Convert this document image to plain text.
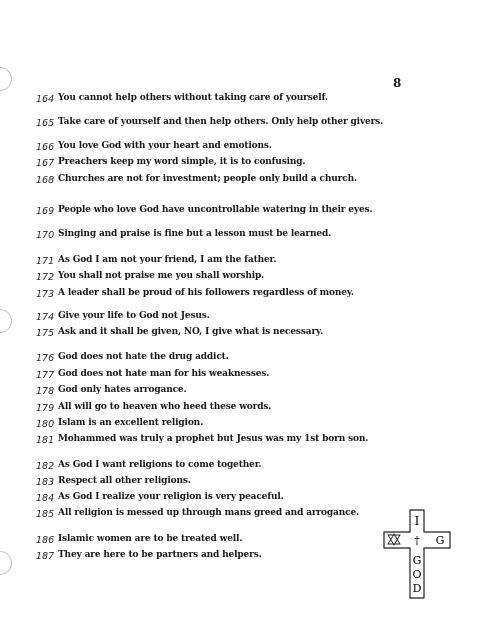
8
164 You cannot help others without taking care of yourself.
165 Take care of yourself and then help others. Only help other givers.
166 You love God with your heart and emotions.
167 Preachers keep my word simple, it is to confusing.
168 Churches are not for investment; people only build a church.
169 People who love God have uncontrollable watering in their eyes.
170 Singing and praise is fine but a lesson must be learned.
171 As God I am not your friend, I am the father.
172 You shall not praise me you shall worship.
173 A leader shall be proud of his followers regardless of money.
174 Give your life to God not Jesus.
175 Ask and it shall be given, NO, I give what is necessary.
176 God does not hate the drug addict.
177 God does not hate man for his weaknesses.
178 God only hates arrogance.
179 All will go to heaven who heed these words.
180 Islam is an excellent religion.
181 Mohammed was truly a prophet but Jesus was my 1st born son.
182 As God I want religions to come together.
183 Respect all other religions.
184 As God I realize your religion is very peaceful.
185 All religion is messed up through mans greed and arrogance.
186 Islamic women are to be treated well.
187 They are here to be partners and helpers.
I
G
†
G
O
D
